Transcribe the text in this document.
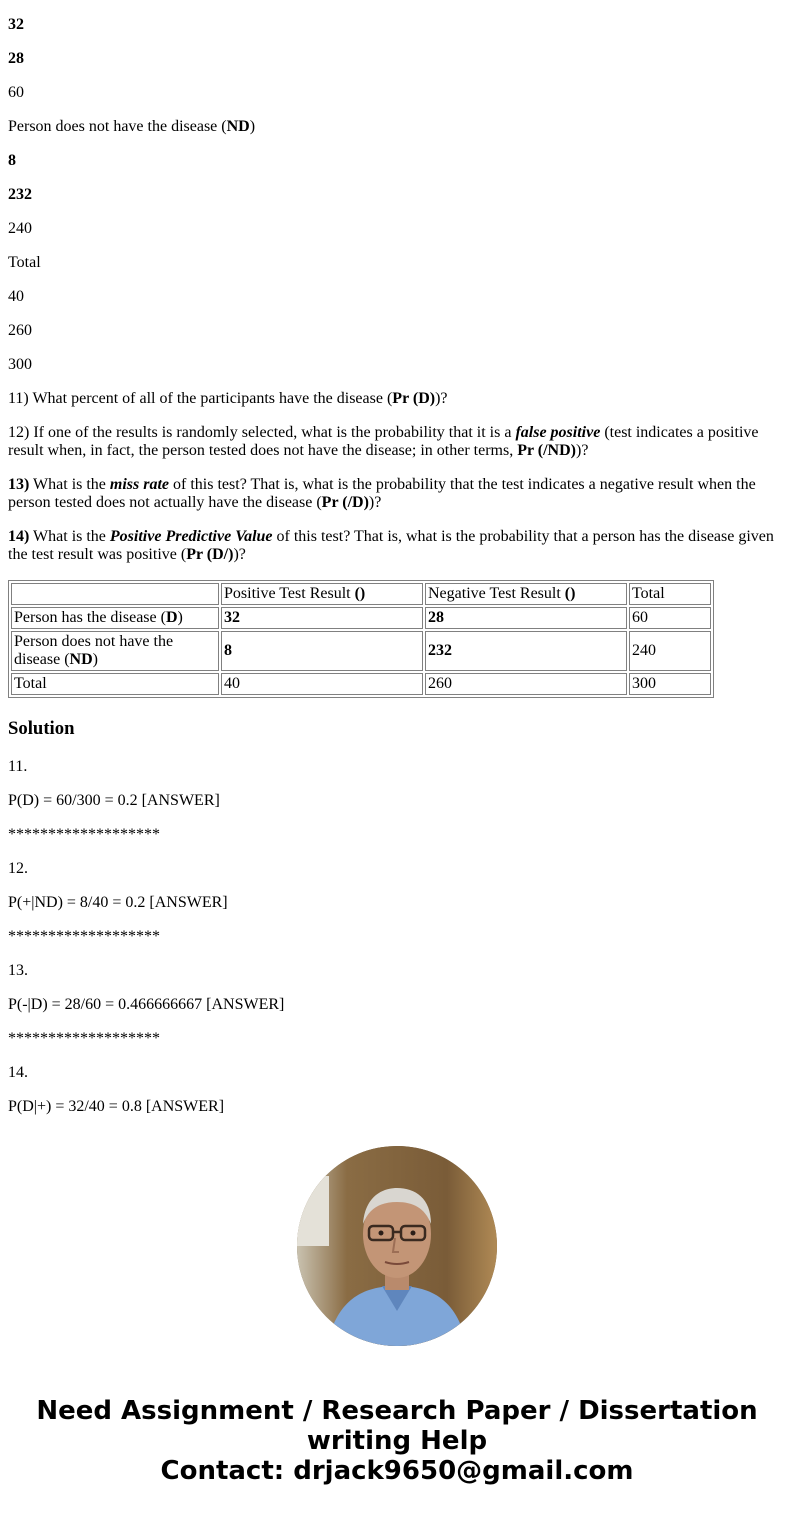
32

28

60

Person does not have the disease (ND)

8

232

240

Total

40

260

300

11) What percent of all of the participants have the disease (Pr (D))?

12) If one of the results is randomly selected, what is the probability that it is a false positive (test indicates a positive result when, in fact, the person tested does not have the disease; in other terms, Pr (/ND))?

13) What is the miss rate of this test? That is, what is the probability that the test indicates a negative result when the person tested does not actually have the disease (Pr (/D))?

14) What is the Positive Predictive Value of this test? That is, what is the probability that a person has the disease given the test result was positive (Pr (D/))?

	Positive Test Result ()	Negative Test Result ()	Total
Person has the disease (D)	32	28	60
Person does not have the disease (ND)	8	232	240
Total	40	260	300
Solution

11.

P(D) = 60/300 = 0.2 [ANSWER]

*******************

12.

P(+|ND) = 8/40 = 0.2 [ANSWER]

*******************

13.

P(-|D) = 28/60 = 0.466666667 [ANSWER]

*******************

14.

P(D|+) = 32/40 = 0.8 [ANSWER]

Need Assignment / Research Paper / Dissertation
writing Help
Contact: drjack9650@gmail.com
